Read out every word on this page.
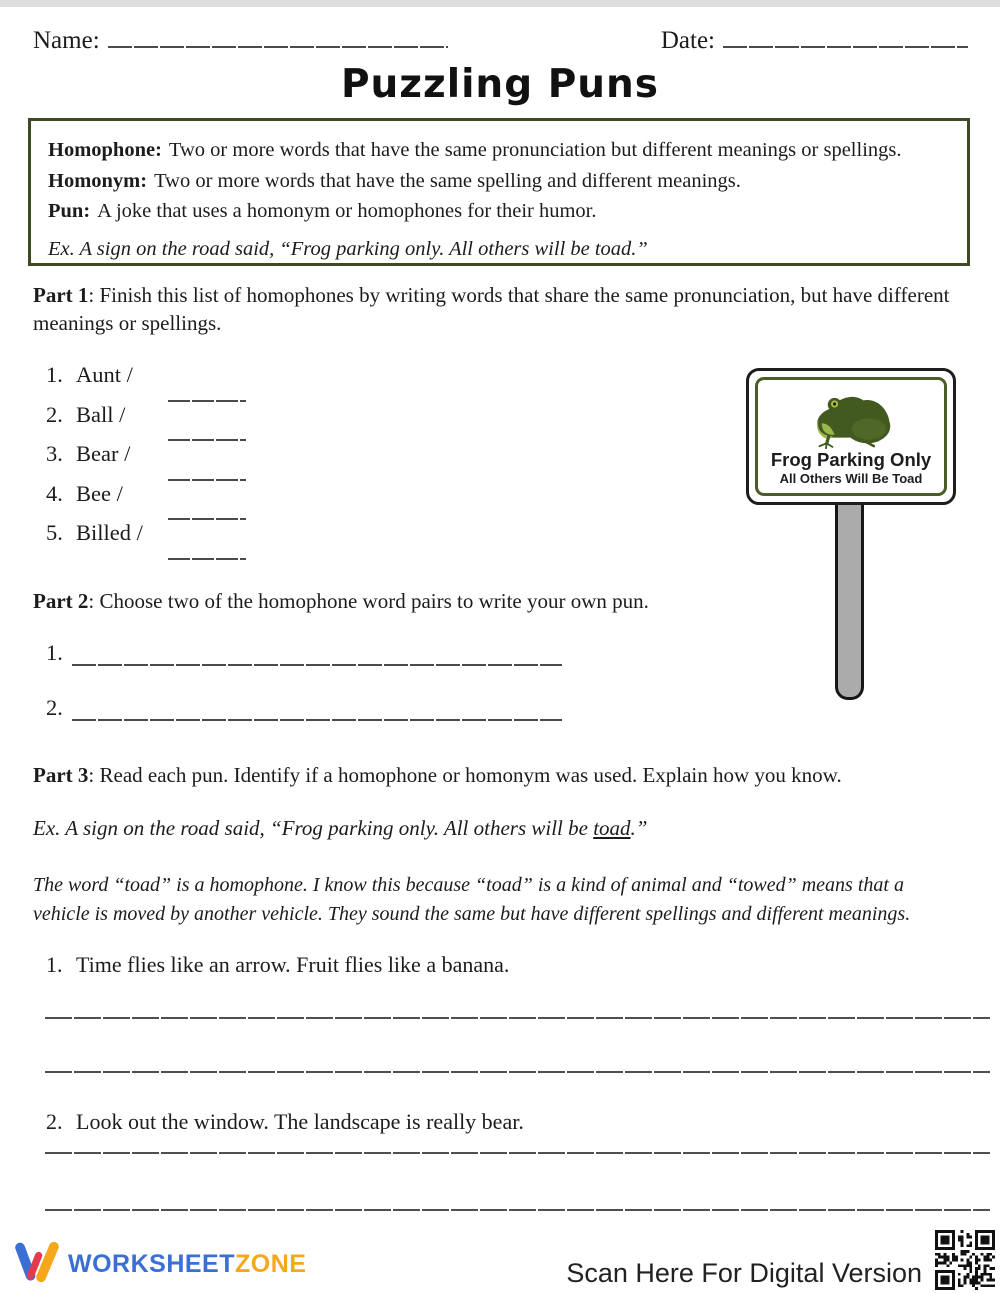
Name:	Date:
Puzzling Puns
Homophone: Two or more words that have the same pronunciation but different meanings or spellings.
Homonym: Two or more words that have the same spelling and different meanings.
Pun: A joke that uses a homonym or homophones for their humor.
Ex. A sign on the road said, “Frog parking only. All others will be toad.”
Part 1: Finish this list of homophones by writing words that share the same pronunciation, but have different meanings or spellings.
1. Aunt /
2. Ball /
3. Bear /
4. Bee /
5. Billed /
Frog Parking Only
All Others Will Be Toad
Part 2: Choose two of the homophone word pairs to write your own pun.
1.
2.
Part 3: Read each pun. Identify if a homophone or homonym was used. Explain how you know.
Ex. A sign on the road said, “Frog parking only. All others will be toad.”
The word “toad” is a homophone. I know this because “toad” is a kind of animal and “towed” means that a
vehicle is moved by another vehicle. They sound the same but have different spellings and different meanings.
1. Time flies like an arrow. Fruit flies like a banana.
2. Look out the window. The landscape is really bear.
WORKSHEETZONE	Scan Here For Digital Version
